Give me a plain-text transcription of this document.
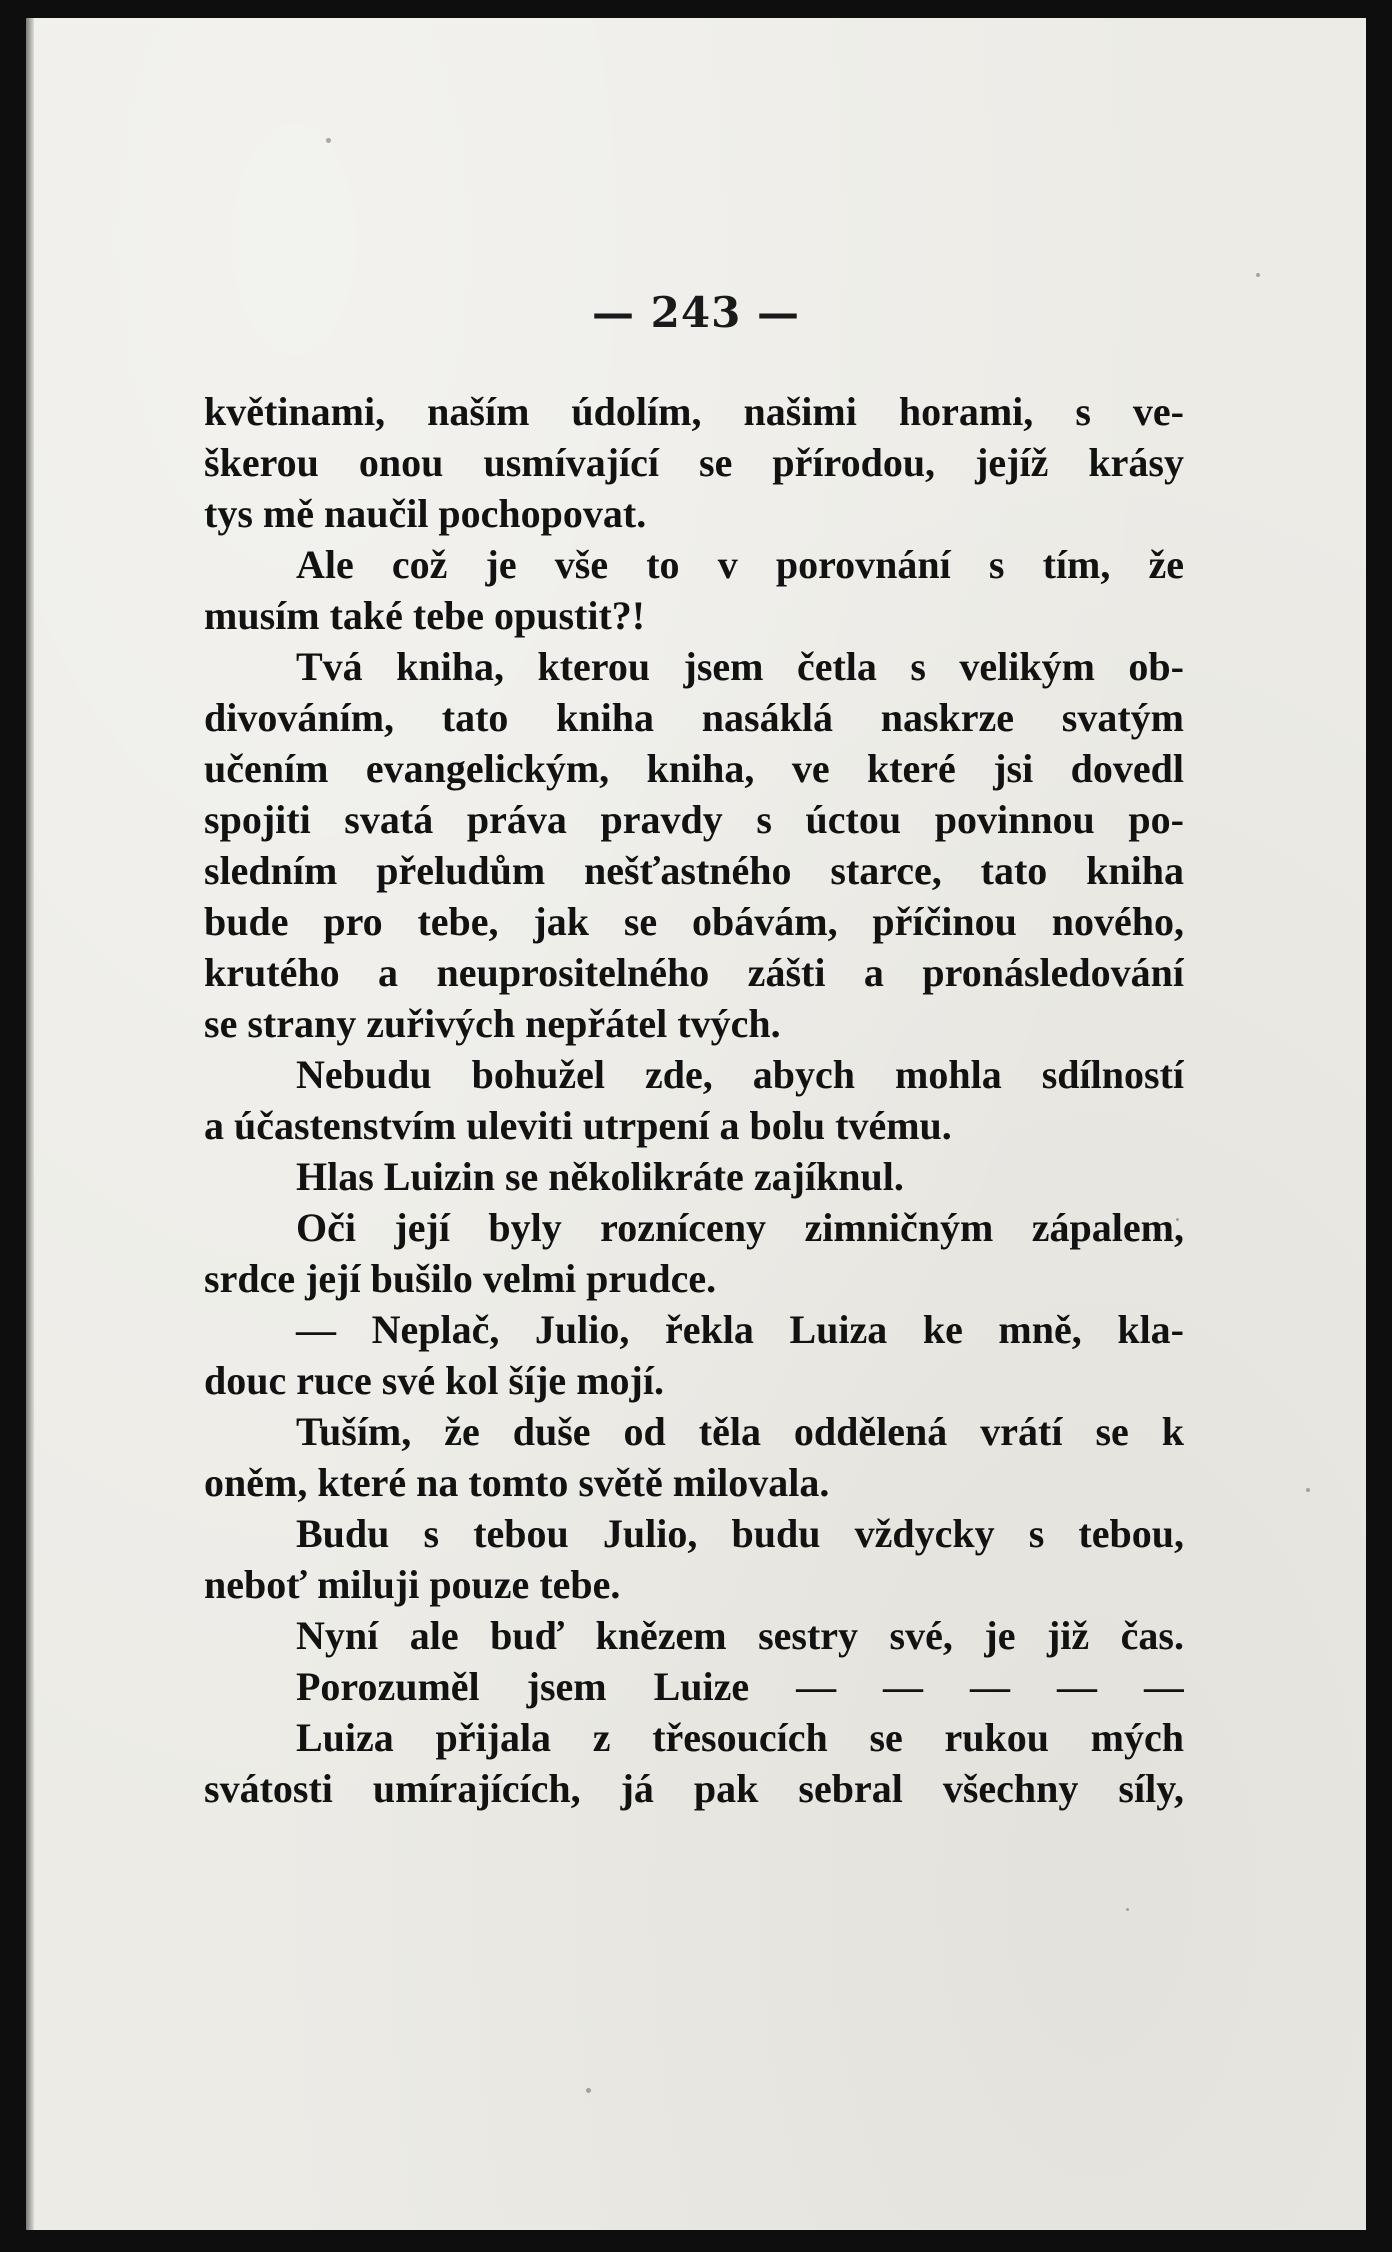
— 243 —
květinami, naším údolím, našimi horami, s ve-
škerou onou usmívající se přírodou, jejíž krásy
tys mě naučil pochopovat.
Ale což je vše to v porovnání s tím, že
musím také tebe opustit?!
Tvá kniha, kterou jsem četla s velikým ob-
divováním, tato kniha nasáklá naskrze svatým
učením evangelickým, kniha, ve které jsi dovedl
spojiti svatá práva pravdy s úctou povinnou po-
sledním přeludům nešťastného starce, tato kniha
bude pro tebe, jak se obávám, příčinou nového,
krutého a neuprositelného zášti a pronásledování
se strany zuřivých nepřátel tvých.
Nebudu bohužel zde, abych mohla sdílností
a účastenstvím uleviti utrpení a bolu tvému.
Hlas Luizin se několikráte zajíknul.
Oči její byly rozníceny zimničným zápalem,
srdce její bušilo velmi prudce.
— Neplač, Julio, řekla Luiza ke mně, kla-
douc ruce své kol šíje mojí.
Tuším, že duše od těla oddělená vrátí se k
oněm, které na tomto světě milovala.
Budu s tebou Julio, budu vždycky s tebou,
neboť miluji pouze tebe.
Nyní ale buď knězem sestry své, je již čas.
Porozuměl jsem Luize — — — — —
Luiza přijala z třesoucích se rukou mých
svátosti umírajících, já pak sebral všechny síly,
